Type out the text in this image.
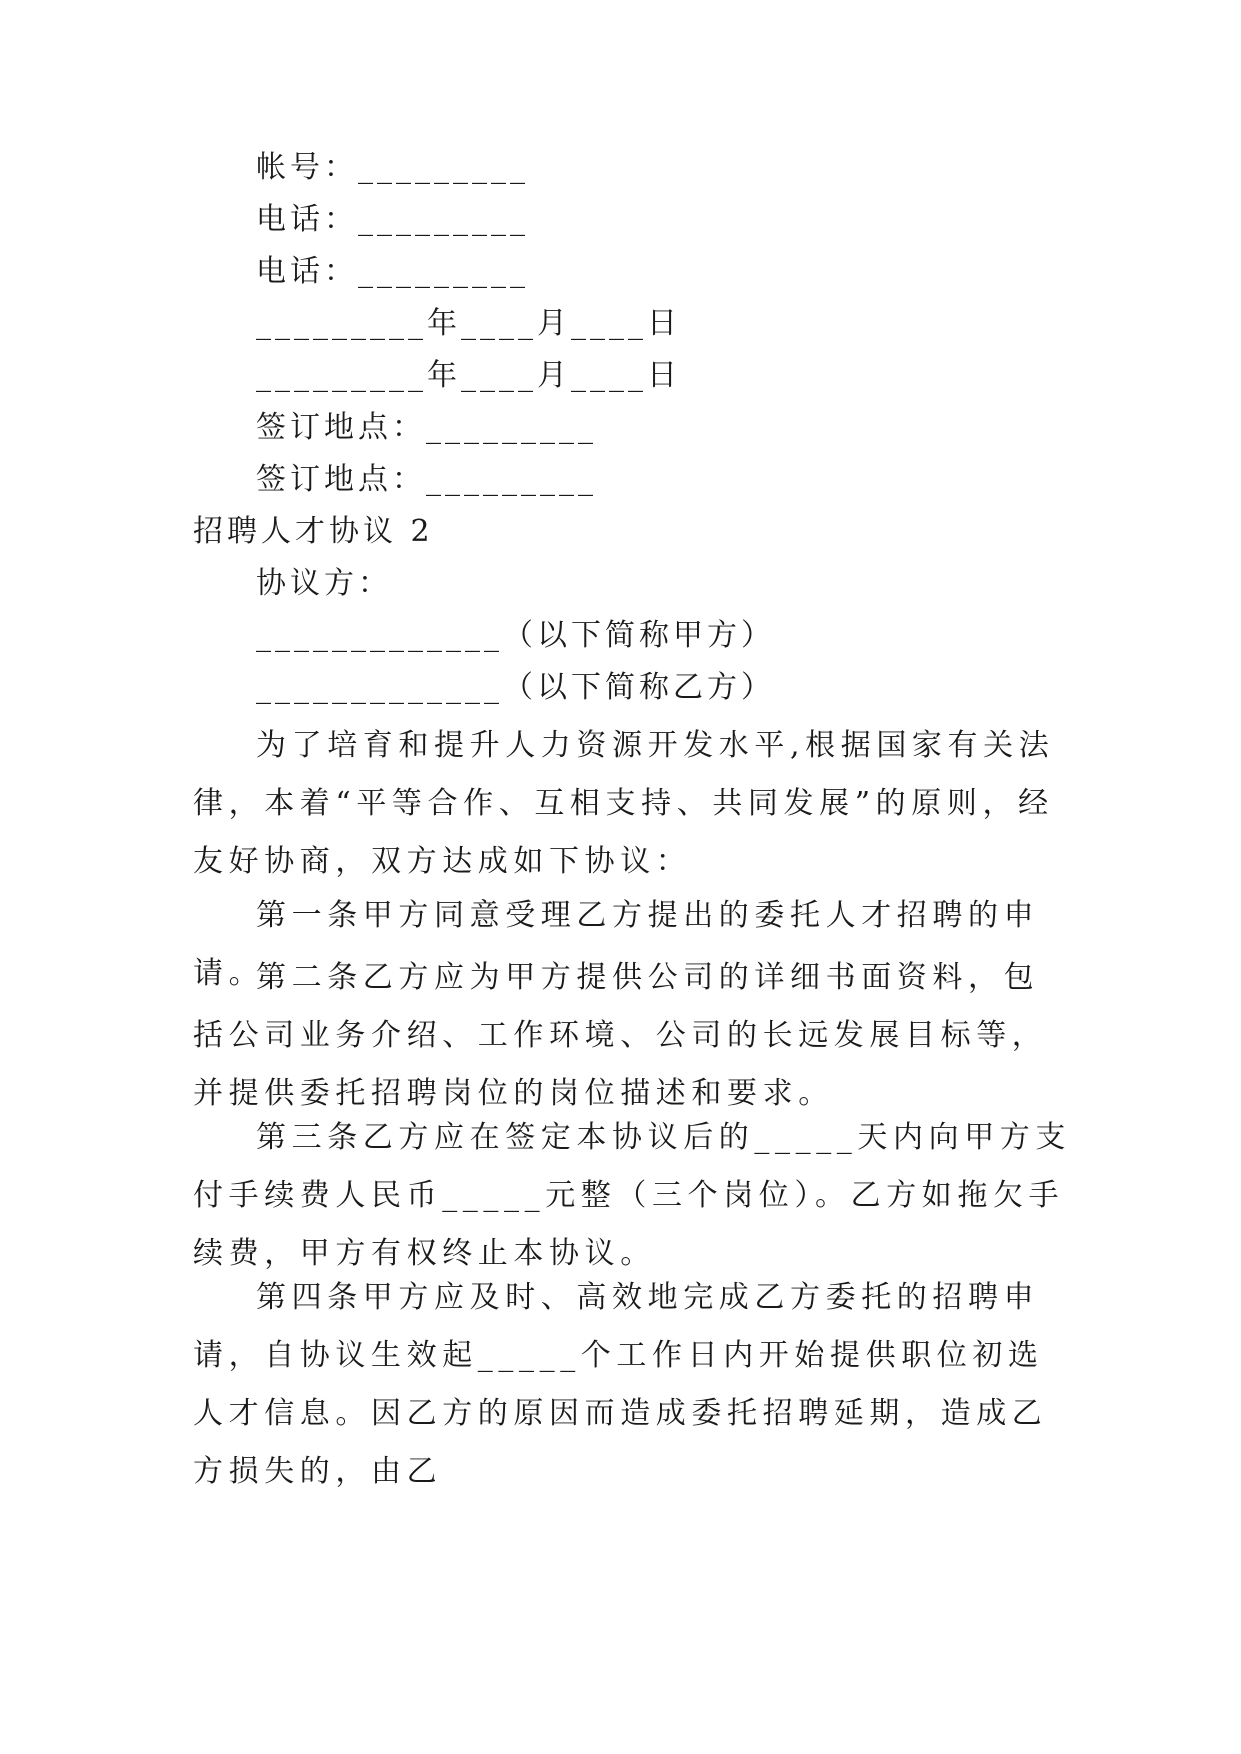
帐号：_________
电话：_________
电话：_________
_________年____月____日
_________年____月____日
签订地点：_________
签订地点：_________
招聘人才协议 2
协议方：
_____________（以下简称甲方）
_____________（以下简称乙方）
为了培育和提升人力资源开发水平,根据国家有关法律，本着“平等合作、互相支持、共同发展”的原则，经友好协商，双方达成如下协议：
第一条甲方同意受理乙方提出的委托人才招聘的申请。
第二条乙方应为甲方提供公司的详细书面资料，包括公司业务介绍、工作环境、公司的长远发展目标等，并提供委托招聘岗位的岗位描述和要求。
第三条乙方应在签定本协议后的_____天内向甲方支付手续费人民币_____元整（三个岗位）。乙方如拖欠手续费，甲方有权终止本协议。
第四条甲方应及时、高效地完成乙方委托的招聘申请，自协议生效起_____个工作日内开始提供职位初选人才信息。因乙方的原因而造成委托招聘延期，造成乙方损失的，由乙
